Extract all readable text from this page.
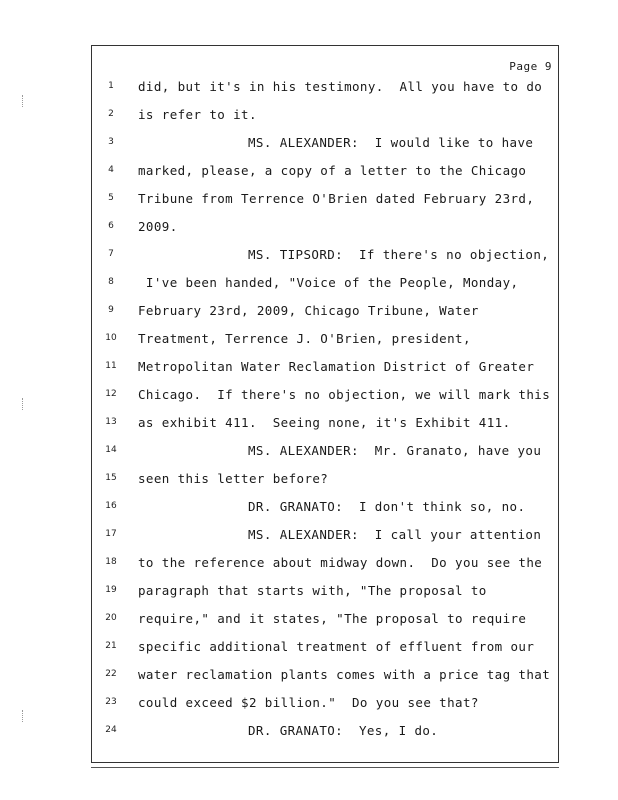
Page 9
1	did, but it's in his testimony.  All you have to do
2	is refer to it.
3	MS. ALEXANDER:  I would like to have
4	marked, please, a copy of a letter to the Chicago
5	Tribune from Terrence O'Brien dated February 23rd,
6	2009.
7	MS. TIPSORD:  If there's no objection,
8	I've been handed, "Voice of the People, Monday,
9	February 23rd, 2009, Chicago Tribune, Water
10	Treatment, Terrence J. O'Brien, president,
11	Metropolitan Water Reclamation District of Greater
12	Chicago.  If there's no objection, we will mark this
13	as exhibit 411.  Seeing none, it's Exhibit 411.
14	MS. ALEXANDER:  Mr. Granato, have you
15	seen this letter before?
16	DR. GRANATO:  I don't think so, no.
17	MS. ALEXANDER:  I call your attention
18	to the reference about midway down.  Do you see the
19	paragraph that starts with, "The proposal to
20	require," and it states, "The proposal to require
21	specific additional treatment of effluent from our
22	water reclamation plants comes with a price tag that
23	could exceed $2 billion."  Do you see that?
24	DR. GRANATO:  Yes, I do.
